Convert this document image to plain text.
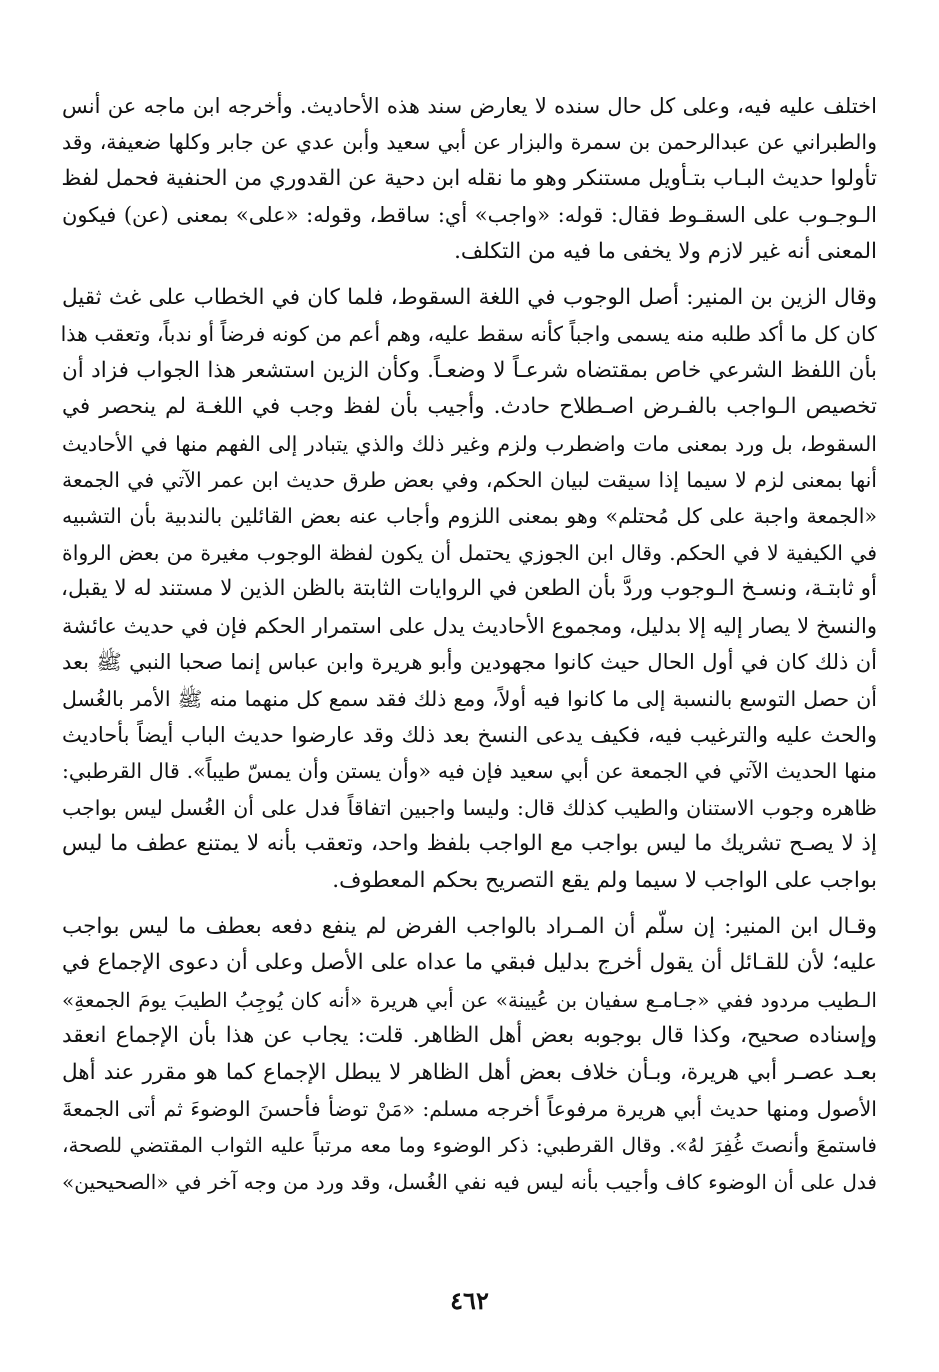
اختلف عليه فيه، وعلى كل حال سنده لا يعارض سند هذه الأحاديث. وأخرجه ابن ماجه عن أنس
والطبراني عن عبدالرحمن بن سمرة والبزار عن أبي سعيد وأبن عدي عن جابر وكلها ضعيفة، وقد
تأولوا حديث البـاب بتـأويل مستنكر وهو ما نقله ابن دحية عن القدوري من الحنفية فحمل لفظ
الـوجـوب على السقـوط فقال: قوله: «واجب» أي: ساقط، وقوله: «على» بمعنى (عن) فيكون
المعنى أنه غير لازم ولا يخفى ما فيه من التكلف.
وقال الزين بن المنير: أصل الوجوب في اللغة السقوط، فلما كان في الخطاب على غث ثقيل
كان كل ما أكد طلبه منه يسمى واجباً كأنه سقط عليه، وهم أعم من كونه فرضاً أو ندباً، وتعقب هذا
بأن اللفظ الشرعي خاص بمقتضاه شرعـاً لا وضعـاً. وكأن الزين استشعر هذا الجواب فزاد أن
تخصيص الـواجب بالفـرض اصـطلاح حادث. وأجيب بأن لفظ وجب في اللغـة لم ينحصر في
السقوط، بل ورد بمعنى مات واضطرب ولزم وغير ذلك والذي يتبادر إلى الفهم منها في الأحاديث
أنها بمعنى لزم لا سيما إذا سيقت لبيان الحكم، وفي بعض طرق حديث ابن عمر الآتي في الجمعة
«الجمعة واجبة على كل مُحتلم» وهو بمعنى اللزوم وأجاب عنه بعض القائلين بالندبية بأن التشبيه
في الكيفية لا في الحكم. وقال ابن الجوزي يحتمل أن يكون لفظة الوجوب مغيرة من بعض الرواة
أو ثابتـة، ونسـخ الـوجوب وردَّ بأن الطعن في الروايات الثابتة بالظن الذين لا مستند له لا يقبل،
والنسخ لا يصار إليه إلا بدليل، ومجموع الأحاديث يدل على استمرار الحكم فإن في حديث عائشة
أن ذلك كان في أول الحال حيث كانوا مجهودين وأبو هريرة وابن عباس إنما صحبا النبي ﷺ بعد
أن حصل التوسع بالنسبة إلى ما كانوا فيه أولاً، ومع ذلك فقد سمع كل منهما منه ﷺ الأمر بالغُسل
والحث عليه والترغيب فيه، فكيف يدعى النسخ بعد ذلك وقد عارضوا حديث الباب أيضاً بأحاديث
منها الحديث الآتي في الجمعة عن أبي سعيد فإن فيه «وأن يستن وأن يمسّ طيباً». قال القرطبي:
ظاهره وجوب الاستنان والطيب كذلك قال: وليسا واجبين اتفاقاً فدل على أن الغُسل ليس بواجب
إذ لا يصـح تشريك ما ليس بواجب مع الواجب بلفظ واحد، وتعقب بأنه لا يمتنع عطف ما ليس
بواجب على الواجب لا سيما ولم يقع التصريح بحكم المعطوف.
وقـال ابن المنير: إن سلّم أن المـراد بالواجب الفرض لم ينفع دفعه بعطف ما ليس بواجب
عليه؛ لأن للقـائل أن يقول أخرج بدليل فبقي ما عداه على الأصل وعلى أن دعوى الإجماع في
الـطيب مردود ففي «جـامـع سفيان بن عُيينة» عن أبي هريرة «أنه كان يُوجِبُ الطيبَ يومَ الجمعةِ»
وإسناده صحيح، وكذا قال بوجوبه بعض أهل الظاهر. قلت: يجاب عن هذا بأن الإجماع انعقد
بعـد عصـر أبي هريرة، وبـأن خلاف بعض أهل الظاهر لا يبطل الإجماع كما هو مقرر عند أهل
الأصول ومنها حديث أبي هريرة مرفوعاً أخرجه مسلم: «مَنْ توضأ فأحسنَ الوضوءَ ثم أتى الجمعةَ
فاستمعَ وأنصتَ غُفِرَ لهُ». وقال القرطبي: ذكر الوضوء وما معه مرتباً عليه الثواب المقتضي للصحة،
فدل على أن الوضوء كاف وأجيب بأنه ليس فيه نفي الغُسل، وقد ورد من وجه آخر في «الصحيحين»
٤٦٢
